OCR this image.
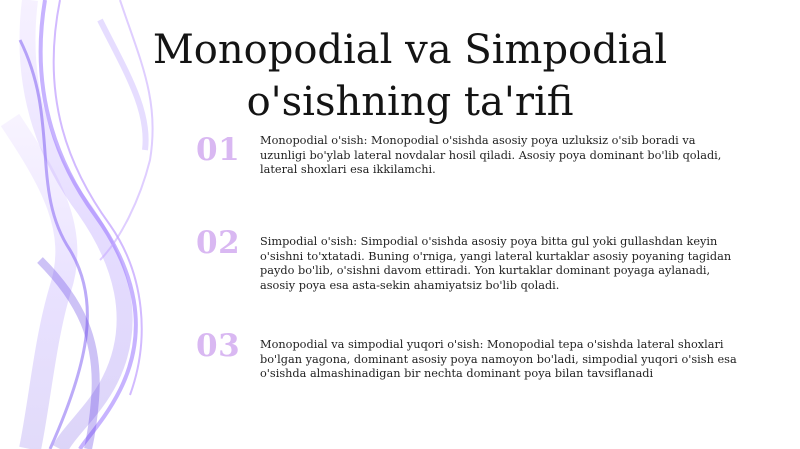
Monopodial va Simpodial
o'sishning ta'rifi
01	Monopodial o'sish: Monopodial o'sishda asosiy poya uzluksiz o'sib boradi va uzunligi bo'ylab lateral novdalar hosil qiladi. Asosiy poya dominant bo'lib qoladi, lateral shoxlari esa ikkilamchi.
02	Simpodial o'sish: Simpodial o'sishda asosiy poya bitta gul yoki gullashdan keyin o'sishni to'xtatadi. Buning o'rniga, yangi lateral kurtaklar asosiy poyaning tagidan paydo bo'lib, o'sishni davom ettiradi. Yon kurtaklar dominant poyaga aylanadi, asosiy poya esa asta-sekin ahamiyatsiz bo'lib qoladi.
03	Monopodial va simpodial yuqori o'sish: Monopodial tepa o'sishda lateral shoxlari bo'lgan yagona, dominant asosiy poya namoyon bo'ladi, simpodial yuqori o'sish esa o'sishda almashinadigan bir nechta dominant poya bilan tavsiflanadi
